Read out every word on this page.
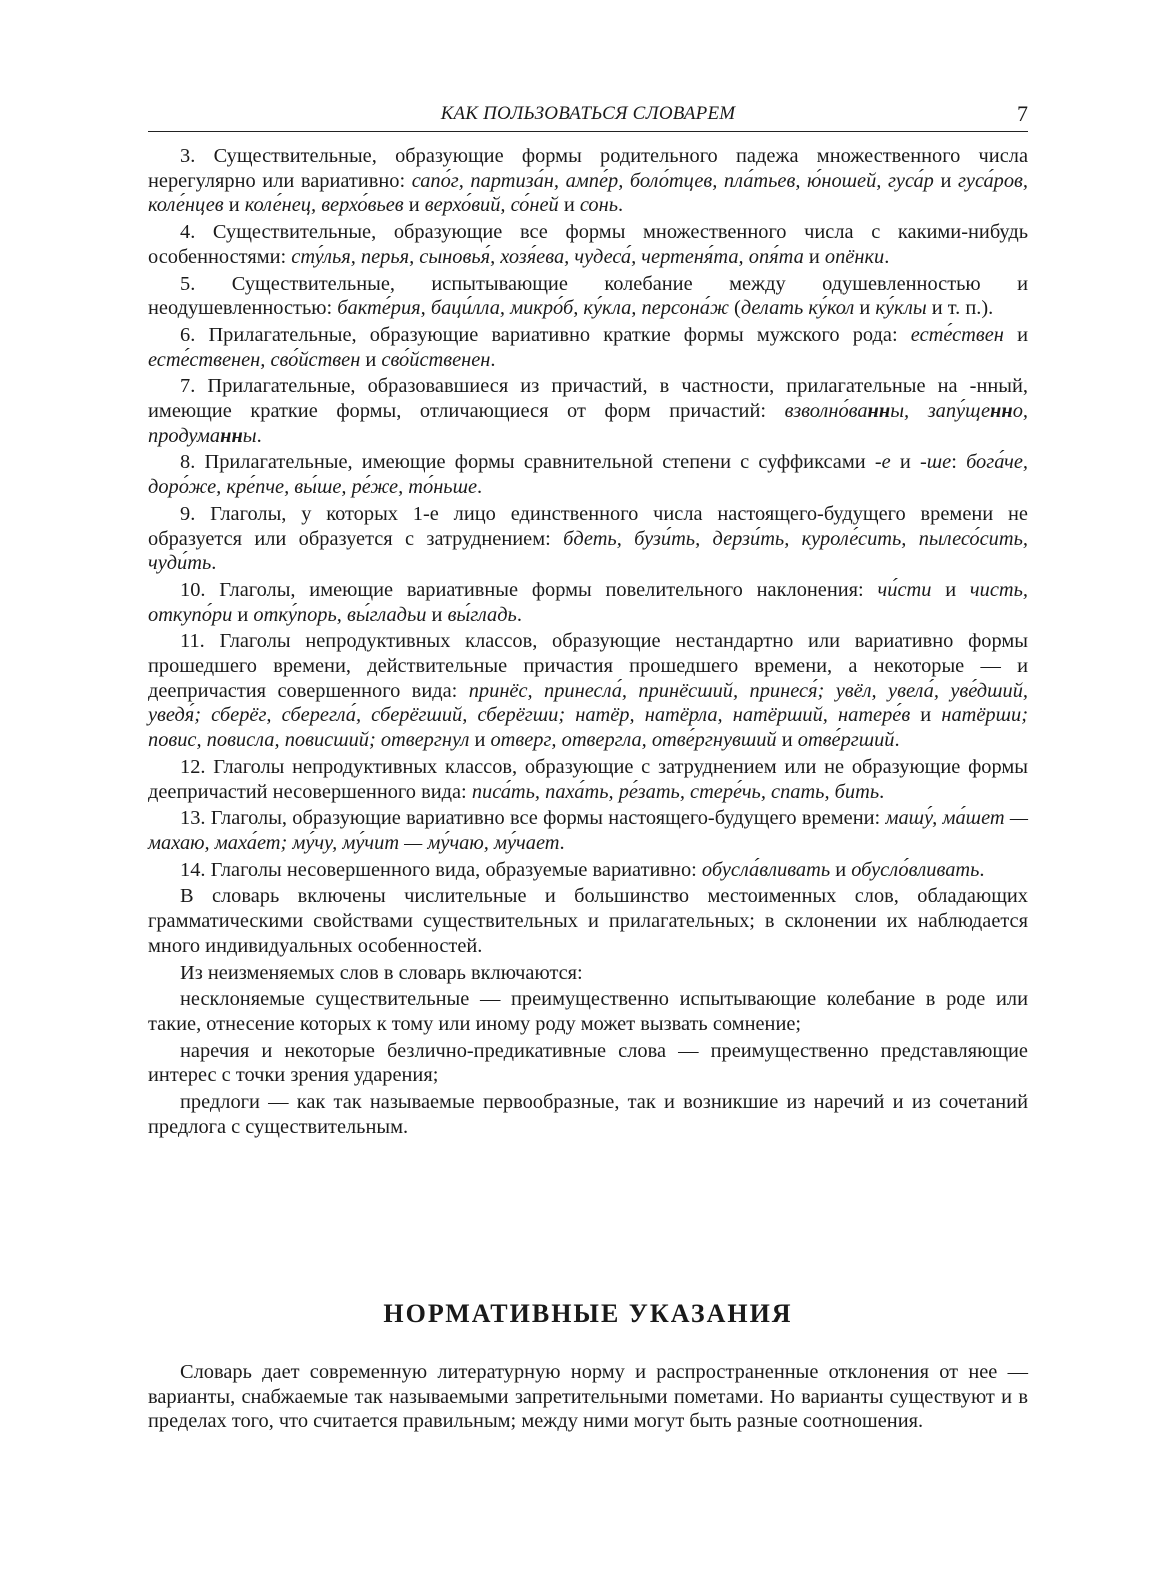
КАК ПОЛЬЗОВАТЬСЯ СЛОВАРЕМ	7

3. Существительные, образующие формы родительного падежа множественного числа нерегулярно или вариативно: сапо́г, партиза́н, ампе́р, боло́тцев, пла́тьев, ю́ношей, гуса́р и гуса́ров, коле́нцев и коле́нец, верхо́вьев и верхо́вий, со́ней и сонь.

4. Существительные, образующие все формы множественного числа с какими-нибудь особенностями: сту́лья, перья, сыновья́, хозя́ева, чудеса́, чертеня́та, опя́та и опёнки.

5. Существительные, испытывающие колебание между одушевленностью и неодушевленностью: бакте́рия, баци́лла, микро́б, ку́кла, персона́ж (делать ку́кол и ку́клы и т. п.).

6. Прилагательные, образующие вариативно краткие формы мужского рода: есте́ствен и есте́ственен, сво́йствен и сво́йственен.

7. Прилагательные, образовавшиеся из причастий, в частности, прилагательные на -нный, имеющие краткие формы, отличающиеся от форм причастий: взволно́ванны, запу́щенно, продуманны.

8. Прилагательные, имеющие формы сравнительной степени с суффиксами -е и -ше: бога́че, доро́же, кре́пче, вы́ше, ре́же, то́ньше.

9. Глаголы, у которых 1-е лицо единственного числа настоящего-будущего времени не образуется или образуется с затруднением: бдеть, бузи́ть, дерзи́ть, куроле́сить, пылесо́сить, чуди́ть.

10. Глаголы, имеющие вариативные формы повелительного наклонения: чи́сти и чисть, откупо́ри и отку́порь, вы́гладьи и вы́гладь.

11. Глаголы непродуктивных классов, образующие нестандартно или вариативно формы прошедшего времени, действительные причастия прошедшего времени, а некоторые — и деепричастия совершенного вида: принёс, принесла́, принёсший, принеся́; увёл, увела́, уве́дший, уведя́; сберёг, сберегла́, сберёгший, сберёгши; натёр, натёрла, натёрший, натере́в и натёрши; повис, повисла, повисший; отвергнул и отверг, отвергла, отве́ргнувший и отве́ргший.

12. Глаголы непродуктивных классов, образующие с затруднением или не образующие формы деепричастий несовершенного вида: писа́ть, паха́ть, ре́зать, стере́чь, спать, бить.

13. Глаголы, образующие вариативно все формы настоящего-будущего времени: машу́, ма́шет — махаю, маха́ет; му́чу, му́чит — му́чаю, му́чает.

14. Глаголы несовершенного вида, образуемые вариативно: обусла́вливать и обусло́вливать.

В словарь включены числительные и большинство местоименных слов, обладающих грамматическими свойствами существительных и прилагательных; в склонении их наблюдается много индивидуальных особенностей.

Из неизменяемых слов в словарь включаются:

несклоняемые существительные — преимущественно испытывающие колебание в роде или такие, отнесение которых к тому или иному роду может вызвать сомнение;

наречия и некоторые безлично-предикативные слова — преимущественно представляющие интерес с точки зрения ударения;

предлоги — как так называемые первообразные, так и возникшие из наречий и из сочетаний предлога с существительным.

НОРМАТИВНЫЕ УКАЗАНИЯ

Словарь дает современную литературную норму и распространенные отклонения от нее — варианты, снабжаемые так называемыми запретительными пометами. Но варианты существуют и в пределах того, что считается правильным; между ними могут быть разные соотношения.
